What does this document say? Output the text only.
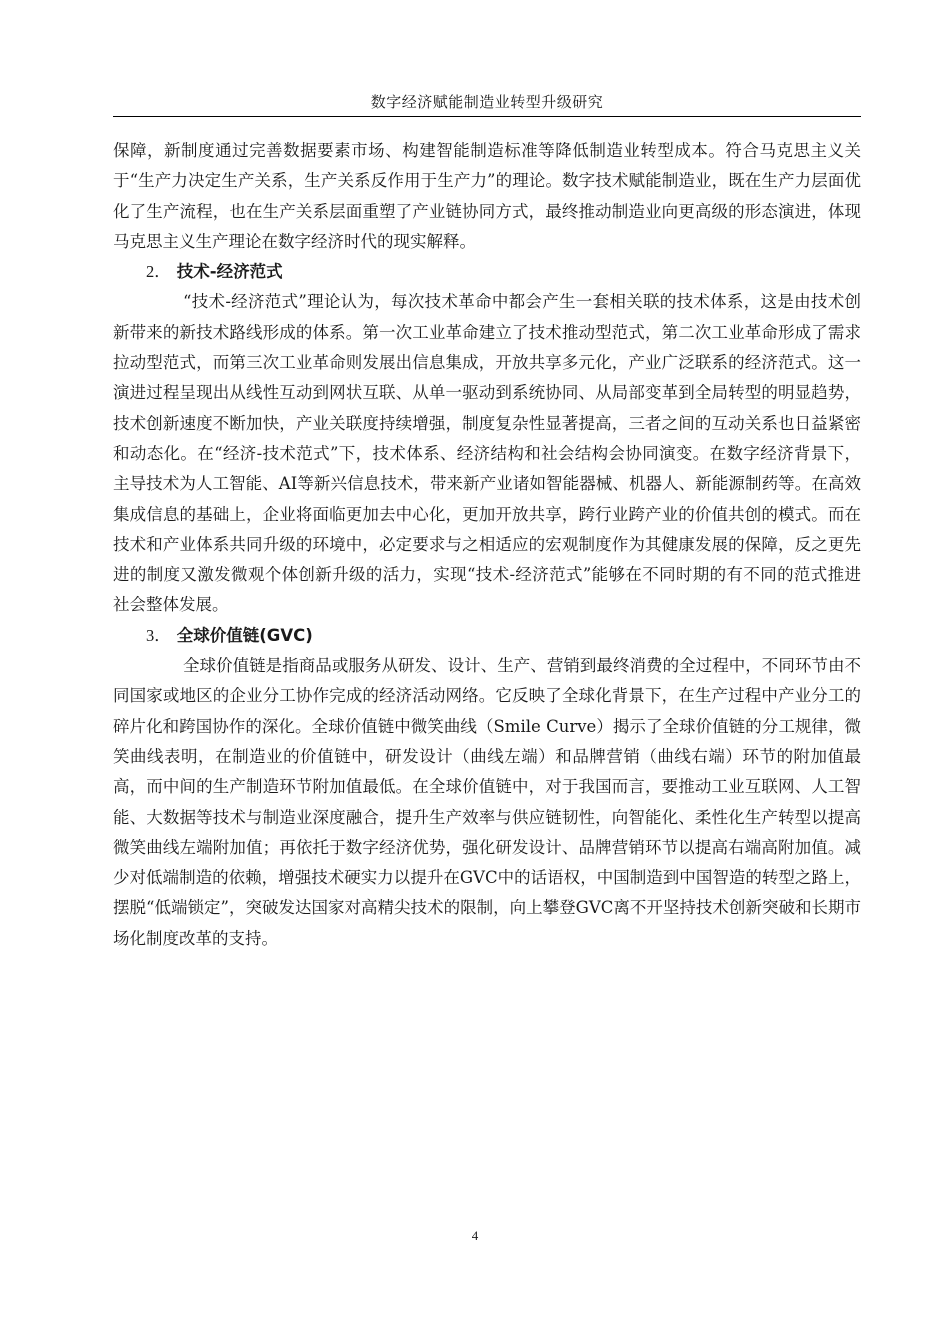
数字经济赋能制造业转型升级研究

保障，新制度通过完善数据要素市场、构建智能制造标准等降低制造业转型成本。符合马克思主义关于“生产力决定生产关系，生产关系反作用于生产力”的理论。数字技术赋能制造业，既在生产力层面优化了生产流程，也在生产关系层面重塑了产业链协同方式，最终推动制造业向更高级的形态演进，体现马克思主义生产理论在数字经济时代的现实解释。

2． 技术-经济范式

“技术-经济范式”理论认为，每次技术革命中都会产生一套相关联的技术体系，这是由技术创新带来的新技术路线形成的体系。第一次工业革命建立了技术推动型范式，第二次工业革命形成了需求拉动型范式，而第三次工业革命则发展出信息集成，开放共享多元化，产业广泛联系的经济范式。这一演进过程呈现出从线性互动到网状互联、从单一驱动到系统协同、从局部变革到全局转型的明显趋势，技术创新速度不断加快，产业关联度持续增强，制度复杂性显著提高，三者之间的互动关系也日益紧密和动态化。在“经济-技术范式”下，技术体系、经济结构和社会结构会协同演变。在数字经济背景下，主导技术为人工智能、AI等新兴信息技术，带来新产业诸如智能器械、机器人、新能源制药等。在高效集成信息的基础上，企业将面临更加去中心化，更加开放共享，跨行业跨产业的价值共创的模式。而在技术和产业体系共同升级的环境中，必定要求与之相适应的宏观制度作为其健康发展的保障，反之更先进的制度又激发微观个体创新升级的活力，实现“技术-经济范式”能够在不同时期的有不同的范式推进社会整体发展。

3． 全球价值链(GVC)

全球价值链是指商品或服务从研发、设计、生产、营销到最终消费的全过程中，不同环节由不同国家或地区的企业分工协作完成的经济活动网络。它反映了全球化背景下，在生产过程中产业分工的碎片化和跨国协作的深化。全球价值链中微笑曲线（Smile Curve）揭示了全球价值链的分工规律，微笑曲线表明，在制造业的价值链中，研发设计（曲线左端）和品牌营销（曲线右端）环节的附加值最高，而中间的生产制造环节附加值最低。在全球价值链中，对于我国而言，要推动工业互联网、人工智能、大数据等技术与制造业深度融合，提升生产效率与供应链韧性，向智能化、柔性化生产转型以提高微笑曲线左端附加值；再依托于数字经济优势，强化研发设计、品牌营销环节以提高右端高附加值。减少对低端制造的依赖，增强技术硬实力以提升在GVC中的话语权，中国制造到中国智造的转型之路上，摆脱“低端锁定”，突破发达国家对高精尖技术的限制，向上攀登GVC离不开坚持技术创新突破和长期市场化制度改革的支持。

4
